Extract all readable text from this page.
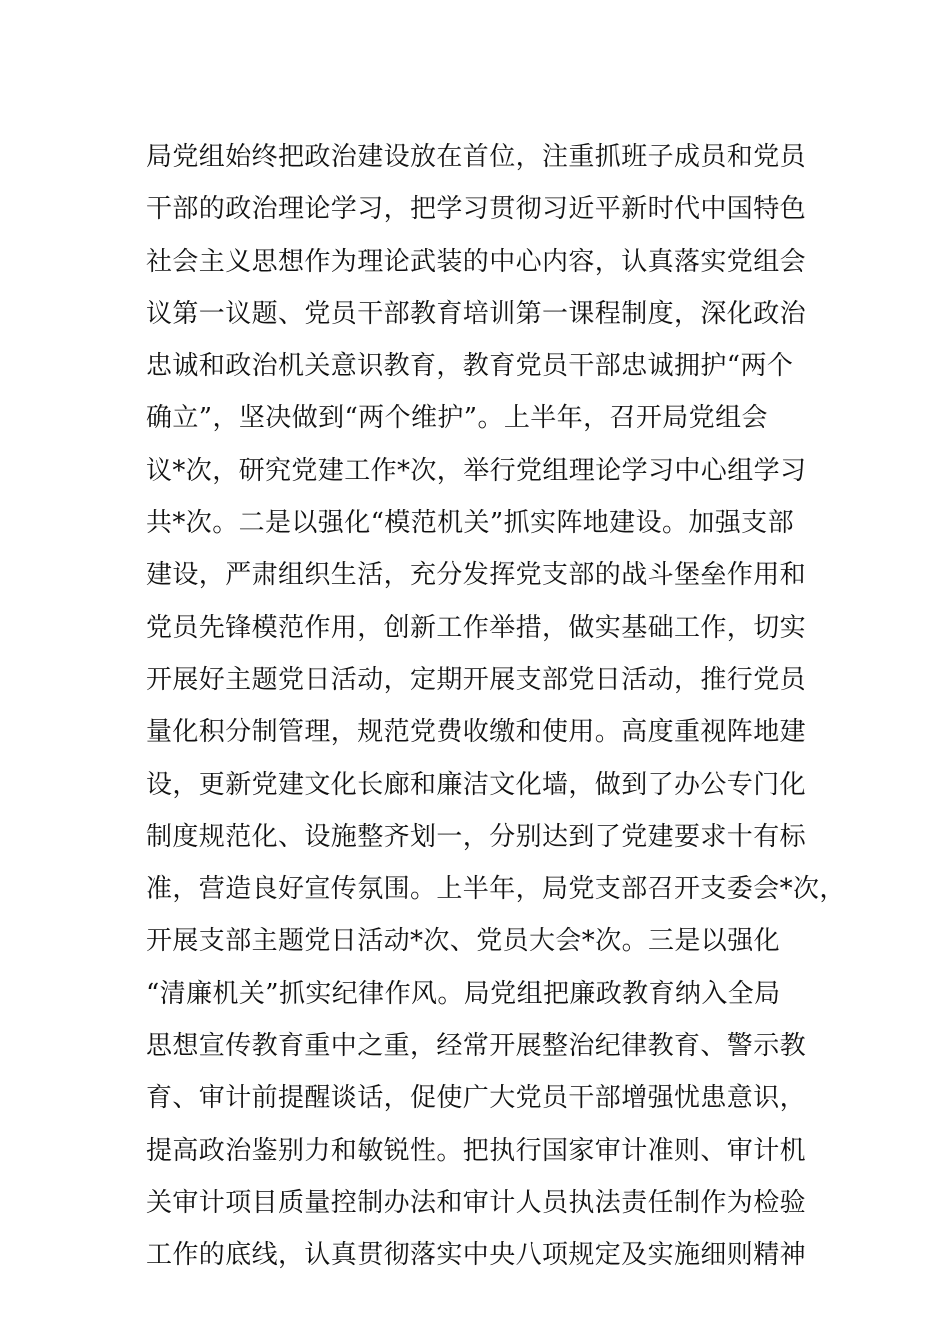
局党组始终把政治建设放在首位，注重抓班子成员和党员
干部的政治理论学习，把学习贯彻习近平新时代中国特色
社会主义思想作为理论武装的中心内容，认真落实党组会
议第一议题、党员干部教育培训第一课程制度，深化政治
忠诚和政治机关意识教育，教育党员干部忠诚拥护“两个
确立”，坚决做到“两个维护”。上半年，召开局党组会
议*次，研究党建工作*次，举行党组理论学习中心组学习
共*次。二是以强化“模范机关”抓实阵地建设。加强支部
建设，严肃组织生活，充分发挥党支部的战斗堡垒作用和
党员先锋模范作用，创新工作举措，做实基础工作，切实
开展好主题党日活动，定期开展支部党日活动，推行党员
量化积分制管理，规范党费收缴和使用。高度重视阵地建
设，更新党建文化长廊和廉洁文化墙，做到了办公专门化
制度规范化、设施整齐划一，分别达到了党建要求十有标
准，营造良好宣传氛围。上半年，局党支部召开支委会*次，
开展支部主题党日活动*次、党员大会*次。三是以强化
“清廉机关”抓实纪律作风。局党组把廉政教育纳入全局
思想宣传教育重中之重，经常开展整治纪律教育、警示教
育、审计前提醒谈话，促使广大党员干部增强忧患意识，
提高政治鉴别力和敏锐性。把执行国家审计准则、审计机
关审计项目质量控制办法和审计人员执法责任制作为检验
工作的底线，认真贯彻落实中央八项规定及实施细则精神
